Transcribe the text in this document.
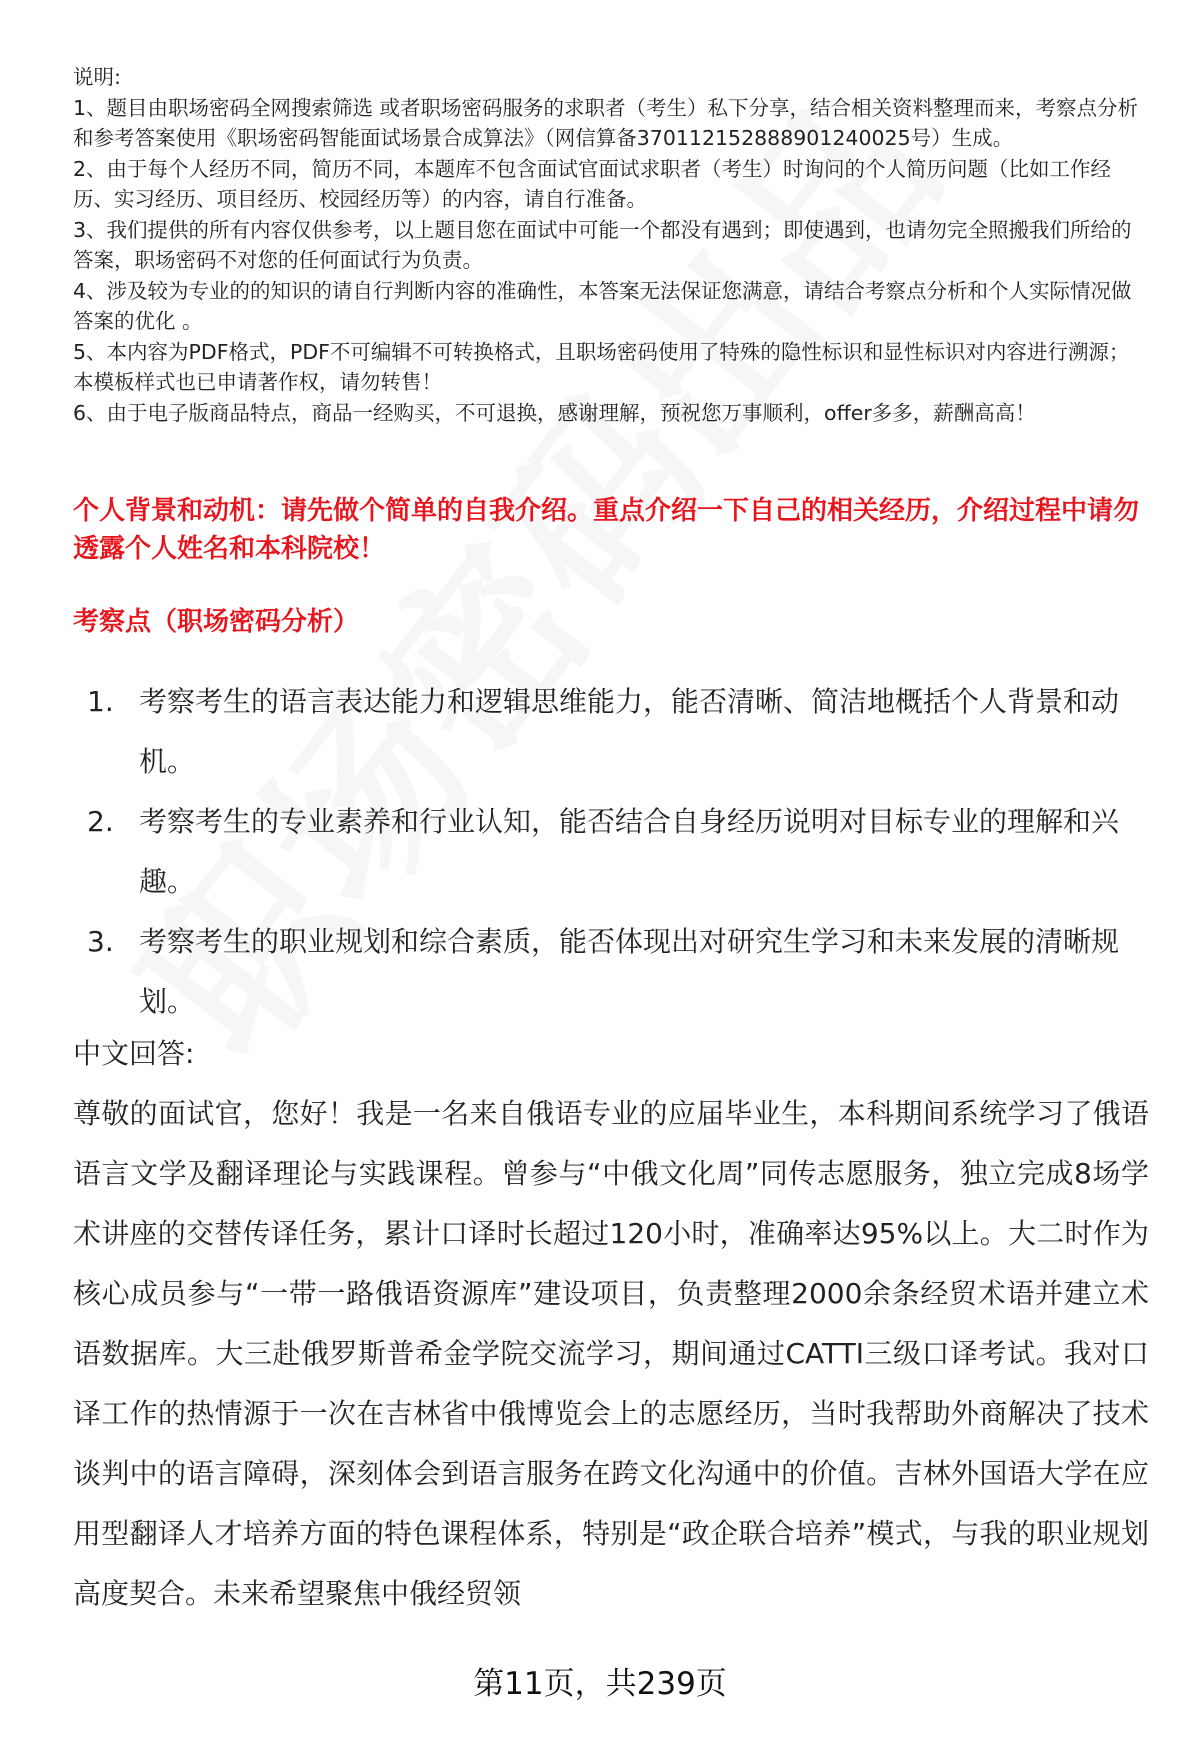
说明:

1、题目由职场密码全网搜索筛选 或者职场密码服务的求职者（考生）私下分享，结合相关资料整理而来，考察点分析和参考答案使用《职场密码智能面试场景合成算法》（网信算备370112152888901240025号）生成。

2、由于每个人经历不同，简历不同，本题库不包含面试官面试求职者（考生）时询问的个人简历问题（比如工作经历、实习经历、项目经历、校园经历等）的内容，请自行准备。

3、我们提供的所有内容仅供参考，以上题目您在面试中可能一个都没有遇到；即使遇到，也请勿完全照搬我们所给的答案，职场密码不对您的任何面试行为负责。

4、涉及较为专业的的知识的请自行判断内容的准确性，本答案无法保证您满意，请结合考察点分析和个人实际情况做答案的优化 。

5、本内容为PDF格式，PDF不可编辑不可转换格式，且职场密码使用了特殊的隐性标识和显性标识对内容进行溯源；本模板样式也已申请著作权，请勿转售！

6、由于电子版商品特点，商品一经购买，不可退换，感谢理解，预祝您万事顺利，offer多多，薪酬高高！

个人背景和动机：请先做个简单的自我介绍。重点介绍一下自己的相关经历，介绍过程中请勿透露个人姓名和本科院校！
考察点（职场密码分析）
1. 考察考生的语言表达能力和逻辑思维能力，能否清晰、简洁地概括个人背景和动机。
2. 考察考生的专业素养和行业认知，能否结合自身经历说明对目标专业的理解和兴趣。
3. 考察考生的职业规划和综合素质，能否体现出对研究生学习和未来发展的清晰规划。

中文回答:

尊敬的面试官，您好！我是一名来自俄语专业的应届毕业生，本科期间系统学习了俄语语言文学及翻译理论与实践课程。曾参与“中俄文化周”同传志愿服务，独立完成8场学术讲座的交替传译任务，累计口译时长超过120小时，准确率达95%以上。大二时作为核心成员参与“一带一路俄语资源库”建设项目，负责整理2000余条经贸术语并建立术语数据库。大三赴俄罗斯普希金学院交流学习，期间通过CATTI三级口译考试。我对口译工作的热情源于一次在吉林省中俄博览会上的志愿经历，当时我帮助外商解决了技术谈判中的语言障碍，深刻体会到语言服务在跨文化沟通中的价值。吉林外国语大学在应用型翻译人才培养方面的特色课程体系，特别是“政企联合培养”模式，与我的职业规划高度契合。未来希望聚焦中俄经贸领

第11页，共239页
